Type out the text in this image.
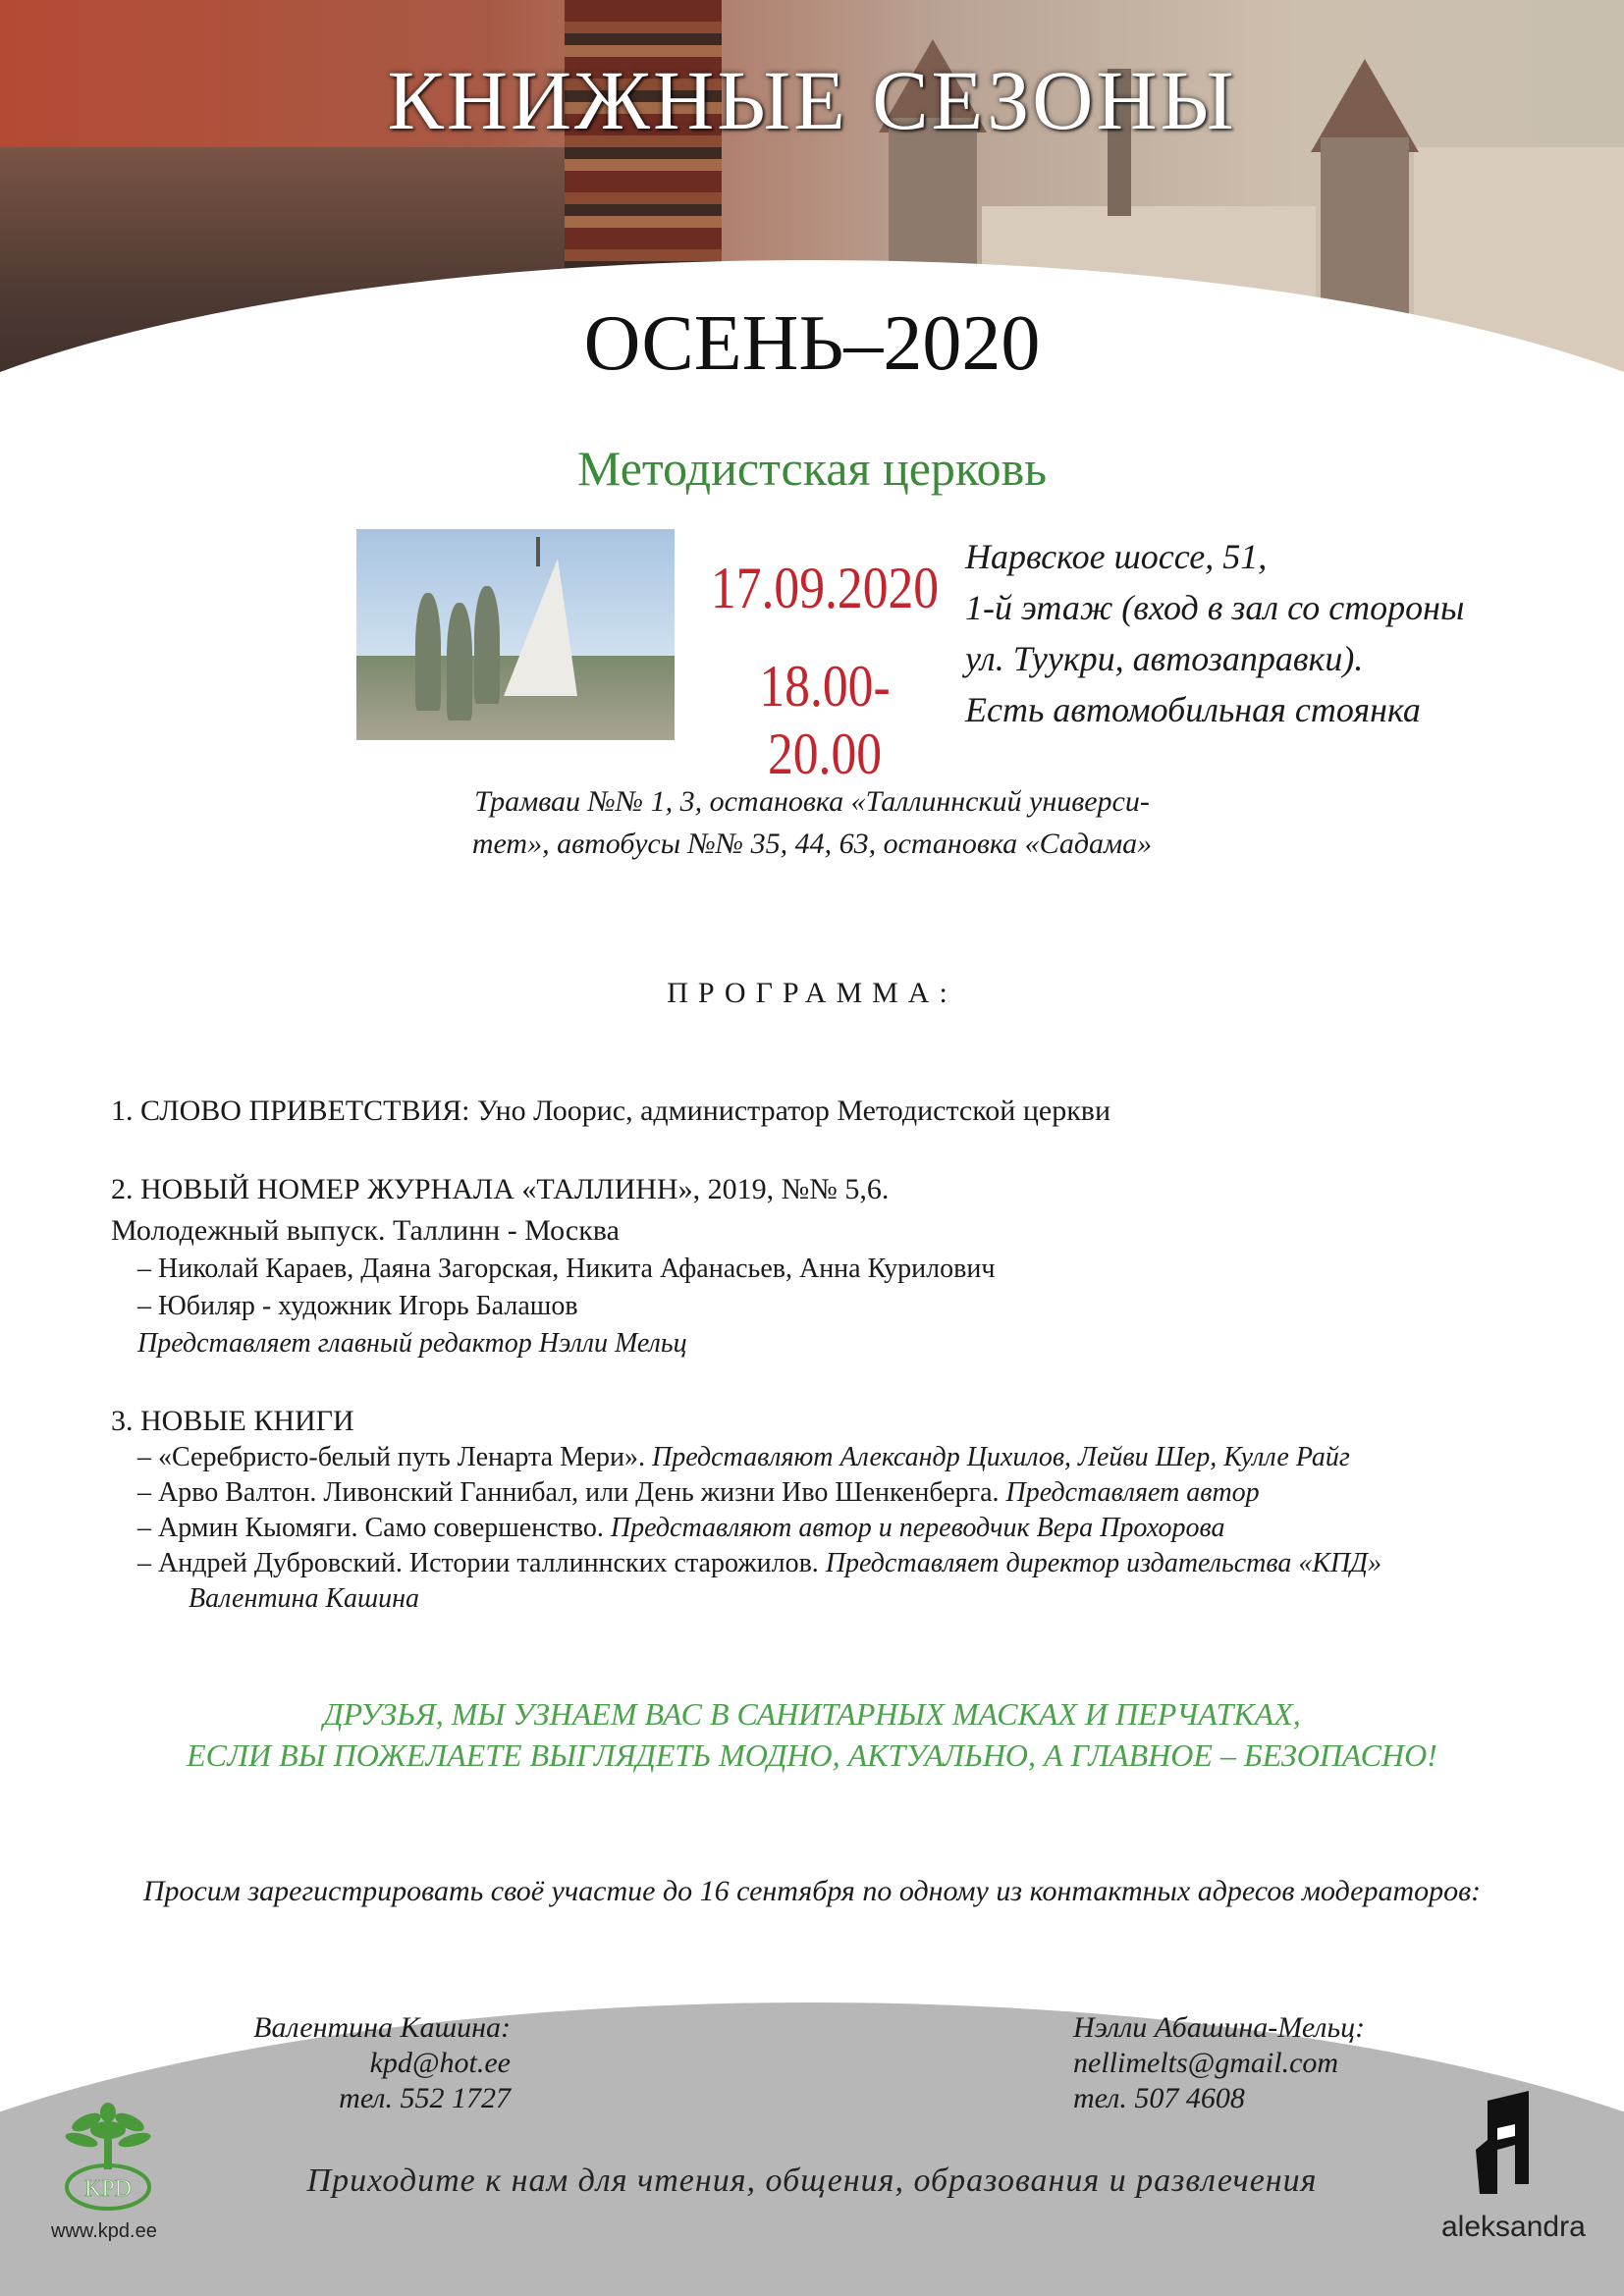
КНИЖНЫЕ СЕЗОНЫ
ОСЕНЬ–2020
Методистская церковь
17.09.2020
18.00-20.00
Нарвское шоссе, 51,
1-й этаж (вход в зал со стороны
ул. Туукри, автозаправки).
Есть автомобильная стоянка
Трамваи №№ 1, 3, остановка «Таллиннский универси-
тет», автобусы №№ 35, 44, 63, остановка «Садама»
ПРОГРАММА:
1. СЛОВО ПРИВЕТСТВИЯ: Уно Лоорис, администратор Методистской церкви
2. НОВЫЙ НОМЕР ЖУРНАЛА «ТАЛЛИНН», 2019, №№ 5,6.
Молодежный выпуск. Таллинн - Москва
– Николай Караев, Даяна Загорская, Никита Афанасьев, Анна Курилович
– Юбиляр - художник Игорь Балашов
Представляет главный редактор Нэлли Мельц
3. НОВЫЕ КНИГИ
– «Серебристо-белый путь Ленарта Мери». Представляют Александр Цихилов, Лейви Шер, Кулле Райг
– Арво Валтон. Ливонский Ганнибал, или День жизни Иво Шенкенберга. Представляет автор
– Армин Кыомяги. Само совершенство. Представляют автор и переводчик Вера Прохорова
– Андрей Дубровский. Истории таллиннских старожилов. Представляет директор издательства «КПД»
Валентина Кашина
ДРУЗЬЯ, МЫ УЗНАЕМ ВАС В САНИТАРНЫХ МАСКАХ И ПЕРЧАТКАХ,
ЕСЛИ ВЫ ПОЖЕЛАЕТЕ ВЫГЛЯДЕТЬ МОДНО, АКТУАЛЬНО, А ГЛАВНОЕ – БЕЗОПАСНО!
Просим зарегистрировать своё участие до 16 сентября по одному из контактных адресов модераторов:
Валентина Кашина:
kpd@hot.ee
тел. 552 1727
Нэлли Абашина-Мельц:
nellimelts@gmail.com
тел. 507 4608
KPD
www.kpd.ee
Приходите к нам для чтения, общения, образования и развлечения
aleksandra
